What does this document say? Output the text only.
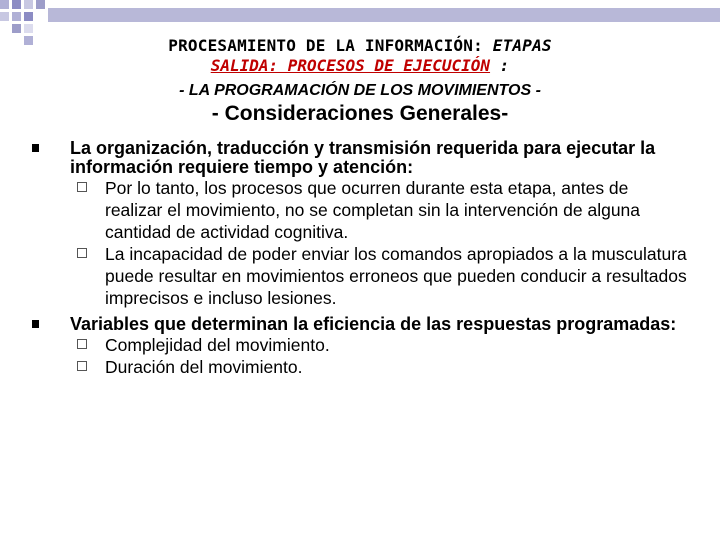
PROCESAMIENTO DE LA INFORMACIÓN: ETAPAS
SALIDA: PROCESOS DE EJECUCIÓN :
- LA PROGRAMACIÓN DE LOS MOVIMIENTOS -
- Consideraciones Generales-
La organización, traducción y transmisión requerida para ejecutar la información requiere tiempo y atención:
Por lo tanto, los procesos que ocurren durante esta etapa, antes de realizar el movimiento, no se completan sin la intervención de alguna cantidad de actividad cognitiva.
La incapacidad de poder enviar los comandos apropiados a la musculatura puede resultar en movimientos erroneos que pueden conducir a resultados imprecisos e incluso lesiones.
Variables que determinan la eficiencia de las respuestas programadas:
Complejidad del movimiento.
Duración del movimiento.
